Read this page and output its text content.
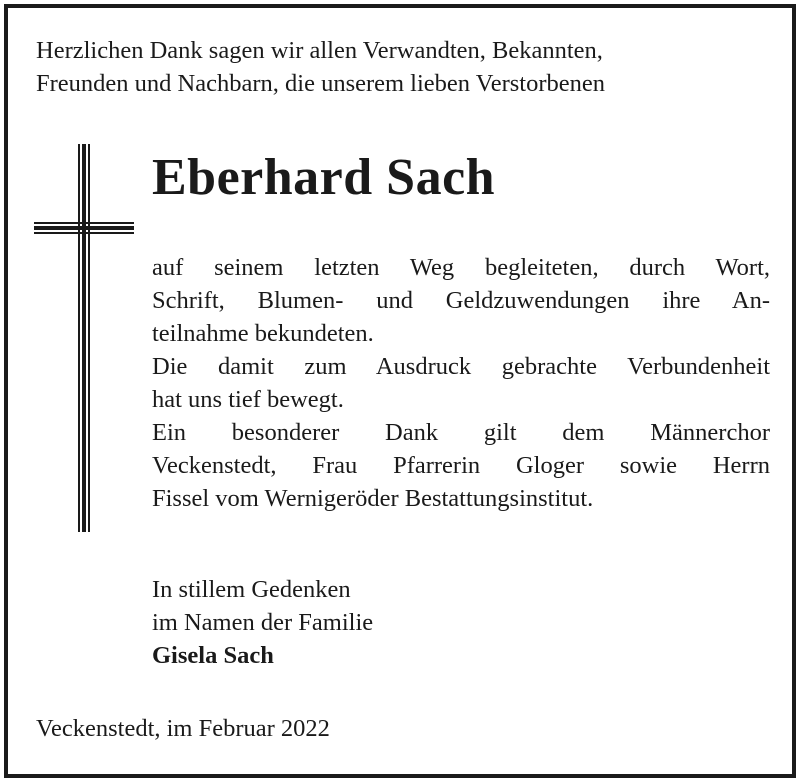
Herzlichen Dank sagen wir allen Verwandten, Bekannten,
Freunden und Nachbarn, die unserem lieben Verstorbenen
Eberhard Sach
auf seinem letzten Weg begleiteten, durch Wort,
Schrift, Blumen- und Geldzuwendungen ihre An-
teilnahme bekundeten.
Die damit zum Ausdruck gebrachte Verbundenheit
hat uns tief bewegt.
Ein besonderer Dank gilt dem Männerchor
Veckenstedt, Frau Pfarrerin Gloger sowie Herrn
Fissel vom Wernigeröder Bestattungsinstitut.
In stillem Gedenken
im Namen der Familie
Gisela Sach
Veckenstedt, im Februar 2022
